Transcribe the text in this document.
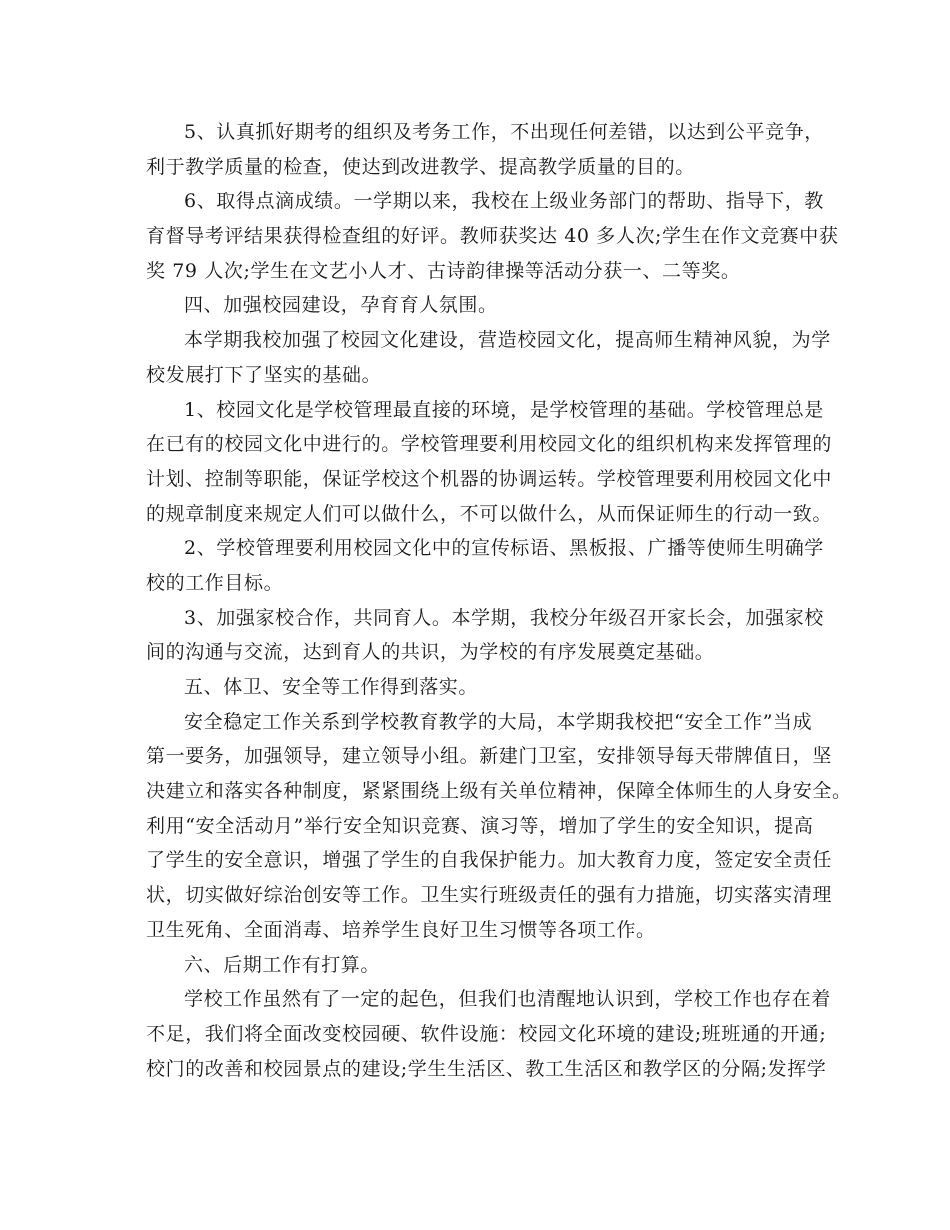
5、认真抓好期考的组织及考务工作，不出现任何差错，以达到公平竞争，
利于教学质量的检查，使达到改进教学、提高教学质量的目的。
6、取得点滴成绩。一学期以来，我校在上级业务部门的帮助、指导下，教
育督导考评结果获得检查组的好评。教师获奖达 40 多人次;学生在作文竞赛中获
奖 79 人次;学生在文艺小人才、古诗韵律操等活动分获一、二等奖。
四、加强校园建设，孕育育人氛围。
本学期我校加强了校园文化建设，营造校园文化，提高师生精神风貌，为学
校发展打下了坚实的基础。
1、校园文化是学校管理最直接的环境，是学校管理的基础。学校管理总是
在已有的校园文化中进行的。学校管理要利用校园文化的组织机构来发挥管理的
计划、控制等职能，保证学校这个机器的协调运转。学校管理要利用校园文化中
的规章制度来规定人们可以做什么，不可以做什么，从而保证师生的行动一致。
2、学校管理要利用校园文化中的宣传标语、黑板报、广播等使师生明确学
校的工作目标。
3、加强家校合作，共同育人。本学期，我校分年级召开家长会，加强家校
间的沟通与交流，达到育人的共识，为学校的有序发展奠定基础。
五、体卫、安全等工作得到落实。
安全稳定工作关系到学校教育教学的大局，本学期我校把“安全工作”当成
第一要务，加强领导，建立领导小组。新建门卫室，安排领导每天带牌值日，坚
决建立和落实各种制度，紧紧围绕上级有关单位精神，保障全体师生的人身安全。
利用“安全活动月”举行安全知识竞赛、演习等，增加了学生的安全知识，提高
了学生的安全意识，增强了学生的自我保护能力。加大教育力度，签定安全责任
状，切实做好综治创安等工作。卫生实行班级责任的强有力措施，切实落实清理
卫生死角、全面消毒、培养学生良好卫生习惯等各项工作。
六、后期工作有打算。
学校工作虽然有了一定的起色，但我们也清醒地认识到，学校工作也存在着
不足，我们将全面改变校园硬、软件设施：校园文化环境的建设;班班通的开通;
校门的改善和校园景点的建设;学生生活区、教工生活区和教学区的分隔;发挥学
